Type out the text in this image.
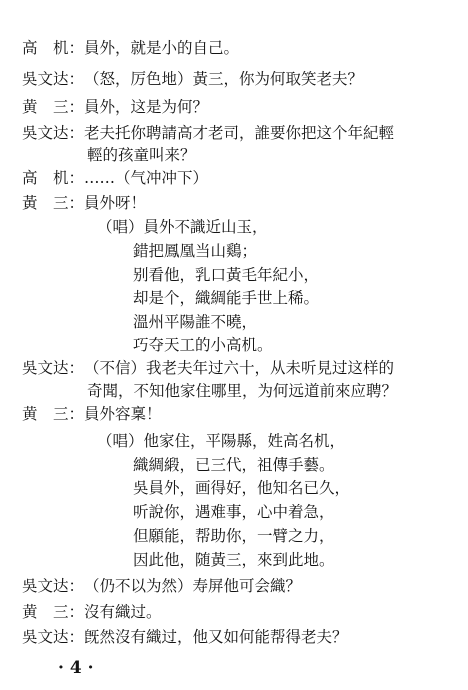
高　机：員外，就是小的自己。
吳文达：（怒，厉色地）黃三，你为何取笑老夫？
黄　三：員外，这是为何？
吳文达：老夫托你聘請高才老司，誰要你把这个年紀輕
輕的孩童叫来？
高　机：……（气冲冲下）
黃　三：員外呀！
（唱）員外不識近山玉，
錯把鳳凰当山鷄；
别看他，乳口黃毛年紀小，
却是个，織綢能手世上稀。
溫州平陽誰不曉，
巧夺天工的小高机。
吳文达：（不信）我老夫年过六十，从未听見过这样的
奇聞，不知他家住哪里，为何远道前來应聘？
黄　三：員外容稟！
（唱）他家住，平陽縣，姓高名机，
織綢緞，已三代，祖傳手藝。
吳員外，画得好，他知名已久，
听說你，遇难事，心中着急，
但願能，帮助你，一臂之力，
因此他，随黃三，來到此地。
吳文达：（仍不以为然）寿屏他可会織？
黄　三：沒有織过。
吳文达：旣然沒有織过，他又如何能帮得老夫？
· 4 ·
